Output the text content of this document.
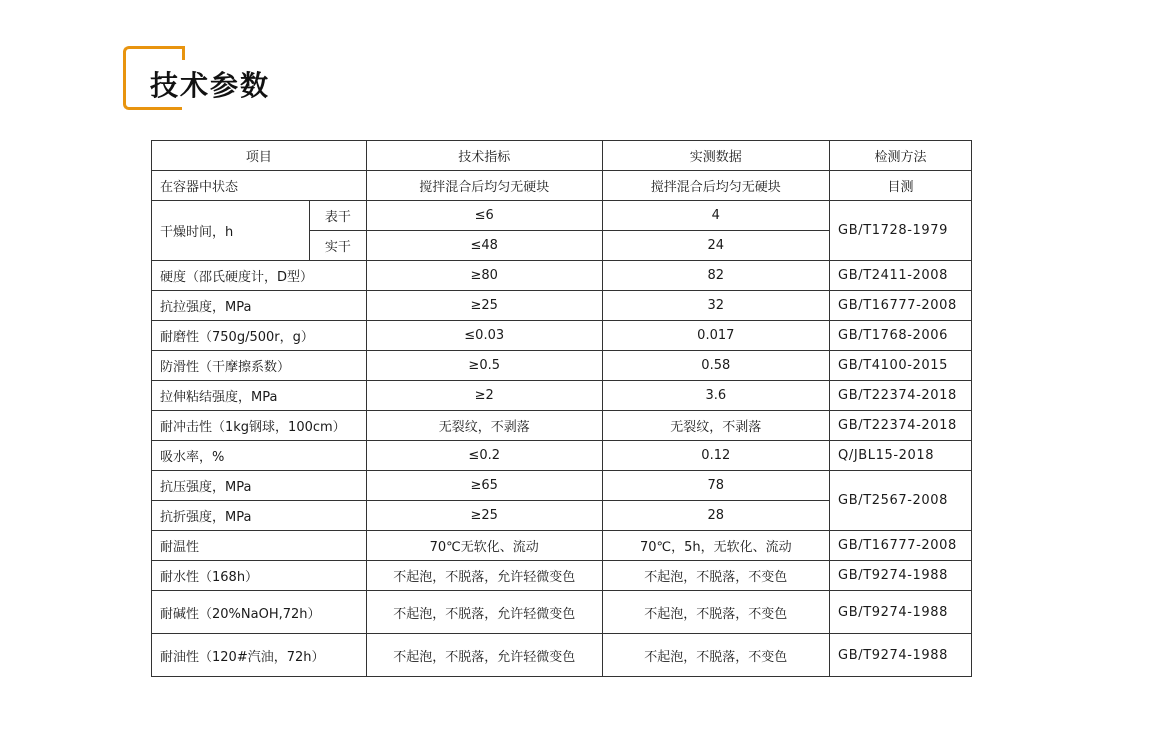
技术参数
项目		技术指标	实测数据	检测方法
在容器中状态		搅拌混合后均匀无硬块	搅拌混合后均匀无硬块	目测
干燥时间，h	表干	≤6	4	GB/T1728-1979
	实干	≤48	24	
硬度（邵氏硬度计，D型）		≥80	82	GB/T2411-2008
抗拉强度，MPa		≥25	32	GB/T16777-2008
耐磨性（750g/500r，g）		≤0.03	0.017	GB/T1768-2006
防滑性（干摩擦系数）		≥0.5	0.58	GB/T4100-2015
拉伸粘结强度，MPa		≥2	3.6	GB/T22374-2018
耐冲击性（1kg钢球，100cm）		无裂纹，不剥落	无裂纹，不剥落	GB/T22374-2018
吸水率，%		≤0.2	0.12	Q/JBL15-2018
抗压强度，MPa		≥65	78	GB/T2567-2008
抗折强度，MPa		≥25	28	
耐温性		70℃无软化、流动	70℃，5h，无软化、流动	GB/T16777-2008
耐水性（168h）		不起泡，不脱落，允许轻微变色	不起泡，不脱落，不变色	GB/T9274-1988
耐碱性（20%NaOH,72h）		不起泡，不脱落，允许轻微变色	不起泡，不脱落，不变色	GB/T9274-1988
耐油性（120#汽油，72h）		不起泡，不脱落，允许轻微变色	不起泡，不脱落，不变色	GB/T9274-1988
